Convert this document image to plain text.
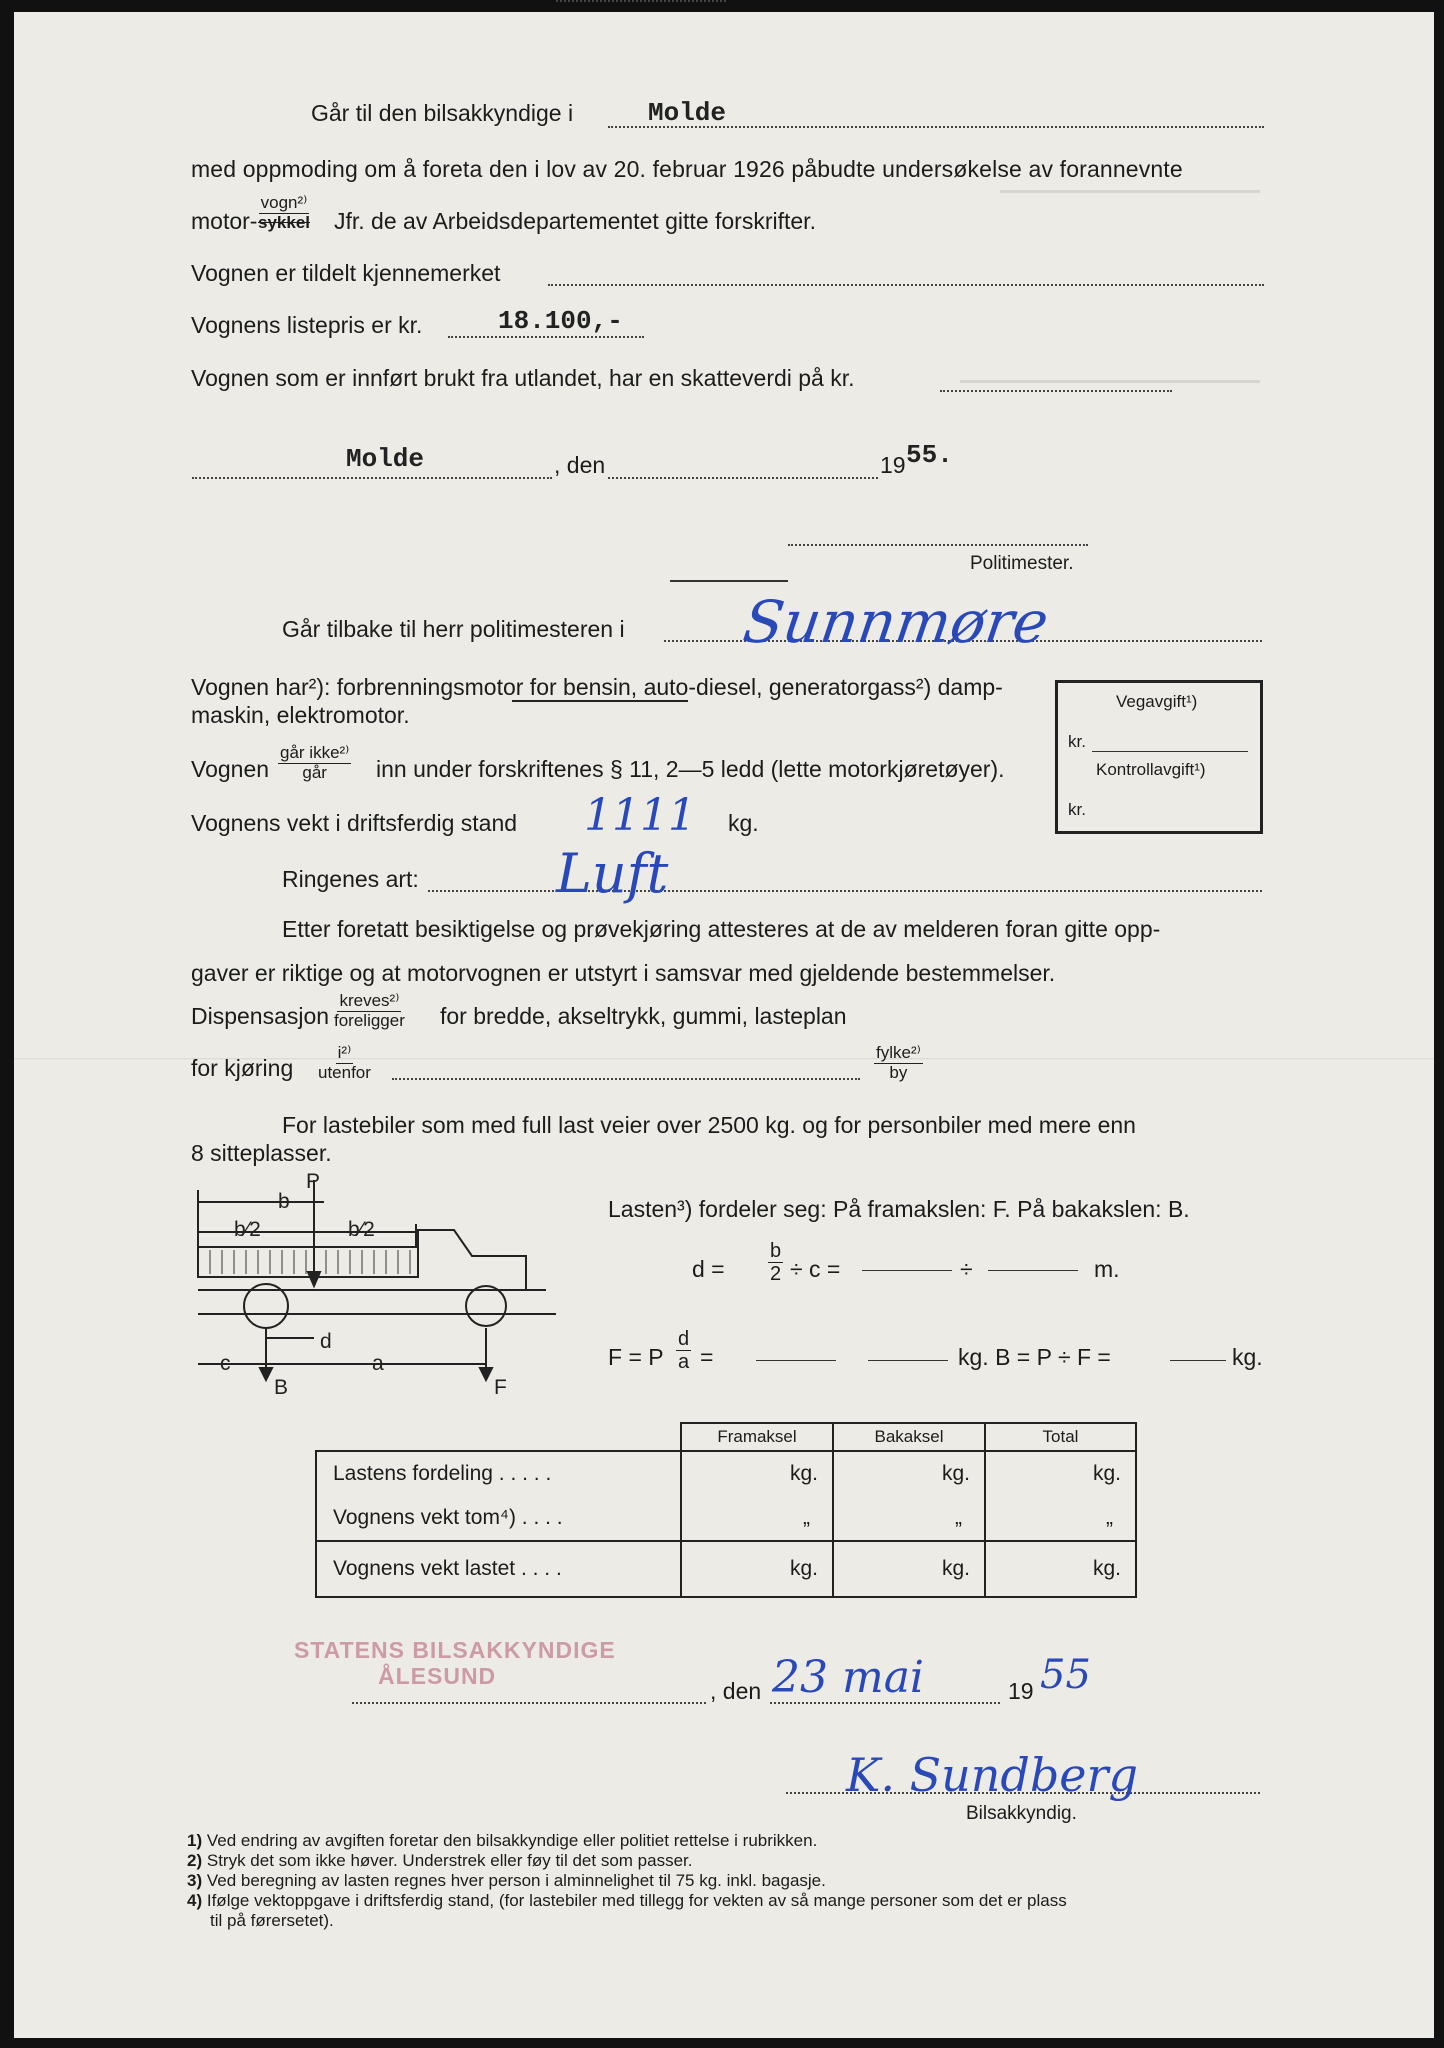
Går til den bilsakkyndige i	Molde
med oppmoding om å foreta den i lov av 20. februar 1926 påbudte undersøkelse av forannevnte
motor-
vogn²⁾
sykkel Jfr. de av Arbeidsdepartementet gitte forskrifter.
Vognen er tildelt kjennemerket
Vognens listepris er kr.	18.100,-
Vognen som er innført brukt fra utlandet, har en skatteverdi på kr.
Molde	, den	19 55.
Politimester.
Går tilbake til herr politimesteren i Sunnmøre
Vognen har²): forbrenningsmotor for bensin, auto-diesel, generatorgass²) damp-
maskin, elektromotor.
Vegavgift¹)
kr.
Kontrollavgift¹)
kr.
Vognen
går ikke²⁾
går inn under forskriftenes § 11, 2—5 ledd (lette motorkjøretøyer).
Vognens vekt i driftsferdig stand 1111 kg.
Ringenes art:	Luft
Etter foretatt besiktigelse og prøvekjøring attesteres at de av melderen foran gitte opp-
gaver er riktige og at motorvognen er utstyrt i samsvar med gjeldende bestemmelser.
Dispensasjon
kreves²⁾
foreligger for bredde, akseltrykk, gummi, lasteplan
for kjøring
i²⁾
utenfor
fylke²⁾
by
For lastebiler som med full last veier over 2500 kg. og for personbiler med mere enn
8 sitteplasser.
P
b
b⁄2	b⁄2
d
c	a
B	F
Lasten³) fordeler seg: På framakslen: F. På bakakslen: B.
$d = \frac{b}{2} \div c$ =	÷	m.
F = P $\frac{d}{a}$ =	kg. B = P ÷ F =	kg.
	Framaksel	Bakaksel	Total
Lastens fordeling . . . . .	kg.	kg.	kg.
Vognens vekt tom⁴) . . . .	„	„	„
Vognens vekt lastet . . . .	kg.	kg.	kg.
STATENS BILSAKKYNDIGE
ÅLESUND
, den 23 mai	19 55
K. Sundberg
Bilsakkyndig.
1) Ved endring av avgiften foretar den bilsakkyndige eller politiet rettelse i rubrikken.
2) Stryk det som ikke høver. Understrek eller føy til det som passer.
3) Ved beregning av lasten regnes hver person i alminnelighet til 75 kg. inkl. bagasje.
4) Ifølge vektoppgave i driftsferdig stand, (for lastebiler med tillegg for vekten av så mange personer som det er plass
til på førersetet).
